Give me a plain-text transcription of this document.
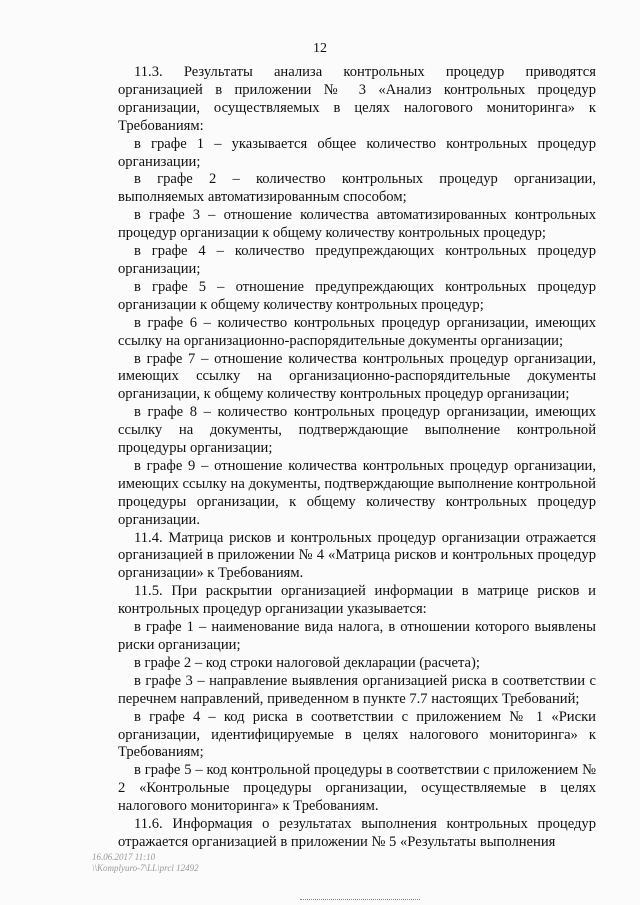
12

11.3. Результаты анализа контрольных процедур приводятся организацией в приложении № 3 «Анализ контрольных процедур организации, осуществляемых в целях налогового мониторинга» к Требованиям:

в графе 1 – указывается общее количество контрольных процедур организации;

в графе 2 – количество контрольных процедур организации, выполняемых автоматизированным способом;

в графе 3 – отношение количества автоматизированных контрольных процедур организации к общему количеству контрольных процедур;

в графе 4 – количество предупреждающих контрольных процедур организации;

в графе 5 – отношение предупреждающих контрольных процедур организации к общему количеству контрольных процедур;

в графе 6 – количество контрольных процедур организации, имеющих ссылку на организационно-распорядительные документы организации;

в графе 7 – отношение количества контрольных процедур организации, имеющих ссылку на организационно-распорядительные документы организации, к общему количеству контрольных процедур организации;

в графе 8 – количество контрольных процедур организации, имеющих ссылку на документы, подтверждающие выполнение контрольной процедуры организации;

в графе 9 – отношение количества контрольных процедур организации, имеющих ссылку на документы, подтверждающие выполнение контрольной процедуры организации, к общему количеству контрольных процедур организации.

11.4. Матрица рисков и контрольных процедур организации отражается организацией в приложении № 4 «Матрица рисков и контрольных процедур организации» к Требованиям.

11.5. При раскрытии организацией информации в матрице рисков и контрольных процедур организации указывается:

в графе 1 – наименование вида налога, в отношении которого выявлены риски организации;

в графе 2 – код строки налоговой декларации (расчета);

в графе 3 – направление выявления организацией риска в соответствии с перечнем направлений, приведенном в пункте 7.7 настоящих Требований;

в графе 4 – код риска в соответствии с приложением № 1 «Риски организации, идентифицируемые в целях налогового мониторинга» к Требованиям;

в графе 5 – код контрольной процедуры в соответствии с приложением № 2 «Контрольные процедуры организации, осуществляемые в целях налогового мониторинга» к Требованиям.

11.6. Информация о результатах выполнения контрольных процедур отражается организацией в приложении № 5 «Результаты выполнения

16.06.2017 11:10
\\Komplyuro-7\LL\prcl 12492
